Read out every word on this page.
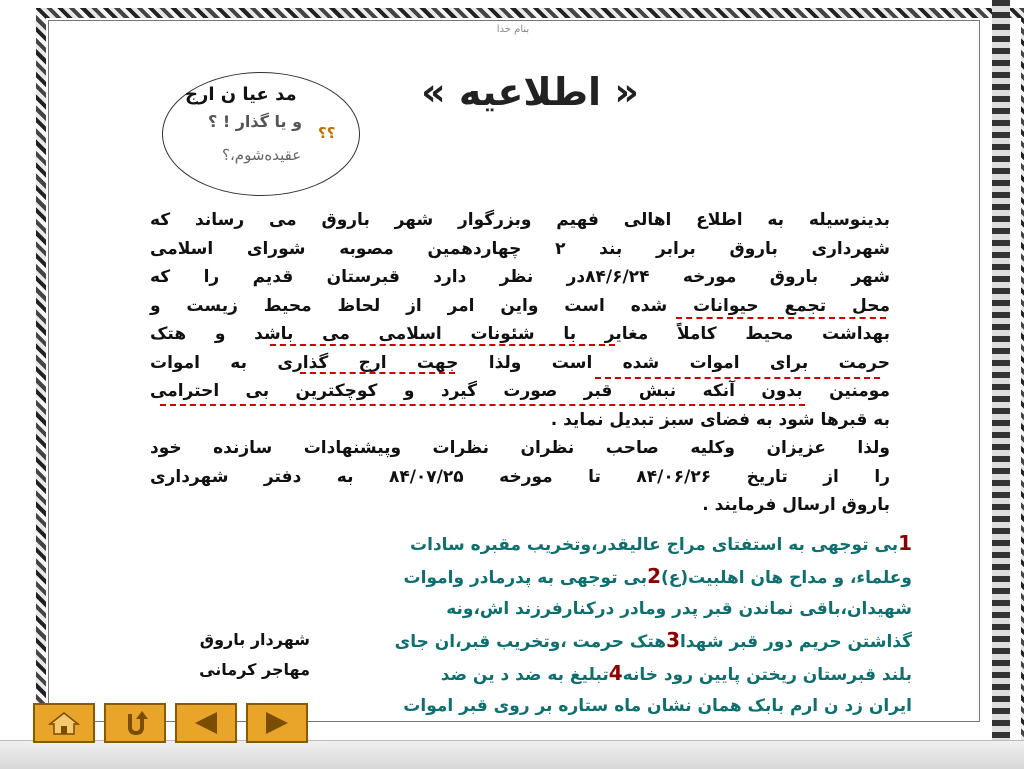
بنام خدا
« اطلاعیه »
مد عیا ن ارج
و یا گذار ! ؟
؟؟
عقیده‌شوم،؟
بدینوسیله به اطلاع اهالی فهیم وبزرگوار شهر باروق می رساند که
شهرداری باروق برابر بند ۲ چهاردهمین مصوبه شورای اسلامی
شهر باروق مورخه ۸۴/۶/۲۴در نظر دارد قبرستان قدیم را که
محل تجمع حیوانات شده است واین امر از لحاظ محیط زیست و
بهداشت محیط کاملاً مغایر با شئونات اسلامی می باشد و هتک
حرمت برای اموات شده است ولذا جهت ارج گذاری به اموات
مومنین بدون آنکه نبش قبر صورت گیرد و کوچکترین بی احترامی
به قبرها شود به فضای سبز تبدیل نماید .
ولذا عزیزان وکلیه صاحب نظران نظرات وپیشنهادات سازنده خود
را از تاریخ ۸۴/۰۶/۲۶ تا مورخه ۸۴/۰۷/۲۵ به دفتر شهرداری
باروق ارسال فرمایند .
شهردار باروق
مهاجر کرمانی
1بی توجهی به استفتای مراج عالیقدر،وتخریب مقبره سادات
وعلماء، و مداح هان اهلبیت(ع)2بی توجهی به پدرمادر واموات
شهیدان،باقی نماندن قبر پدر ومادر درکنارفرزند اش،ونه
گذاشتن حریم دور قبر شهدا3هتک حرمت ،وتخریب قبر،ان جای
بلند قبرستان ریختن پایین رود خانه4تبلیغ به ضد د ین ضد
ایران زد ن ارم بابک همان نشان ماه ستاره بر روی قبر اموات
